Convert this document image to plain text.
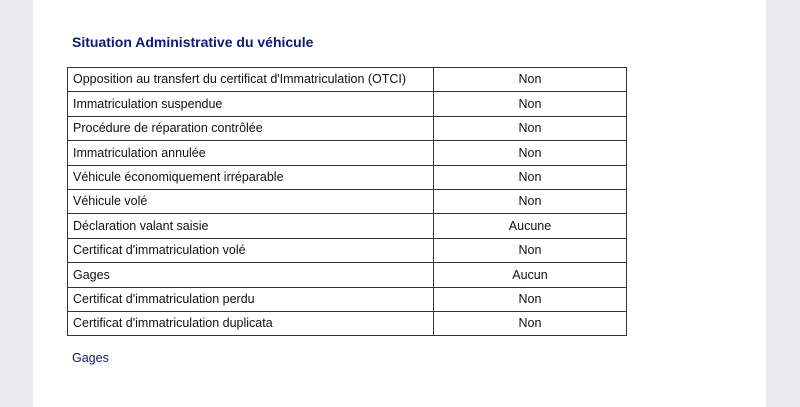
Situation Administrative du véhicule
Opposition au transfert du certificat d'Immatriculation (OTCI)	Non
Immatriculation suspendue	Non
Procédure de réparation contrôlée	Non
Immatriculation annulée	Non
Véhicule économiquement irréparable	Non
Véhicule volé	Non
Déclaration valant saisie	Aucune
Certificat d'immatriculation volé	Non
Gages	Aucun
Certificat d'immatriculation perdu	Non
Certificat d'immatriculation duplicata	Non
Gages
